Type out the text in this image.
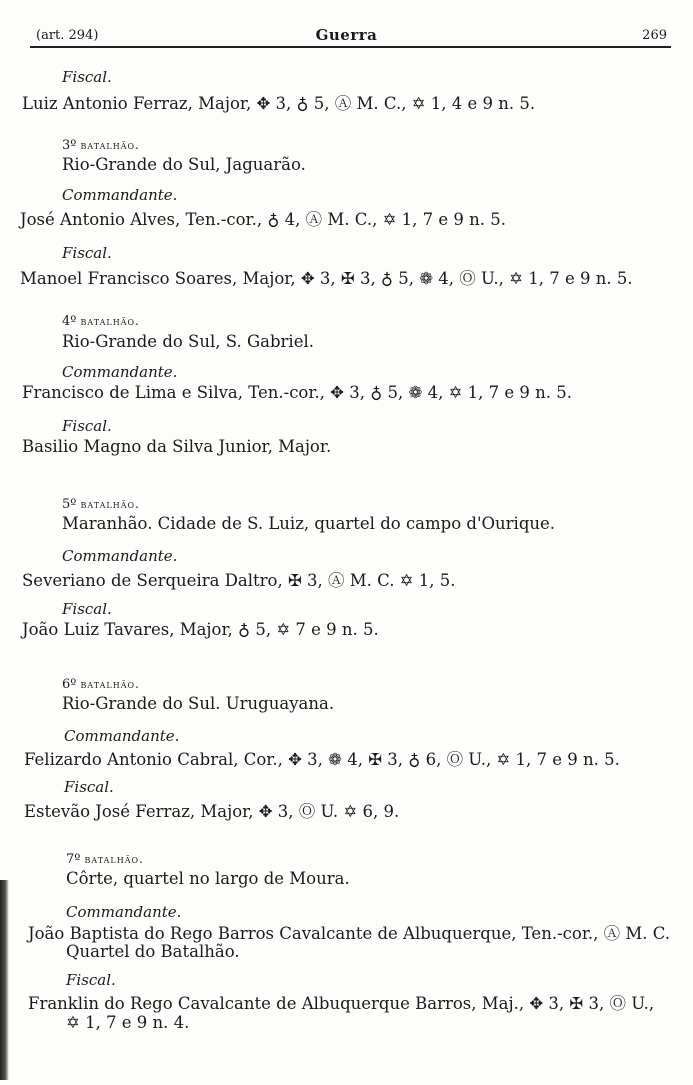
(art. 294)	Guerra	269
Fiscal.
Luiz Antonio Ferraz, Major, ✥ 3, ♁ 5, Ⓐ M. C., ✡ 1, 4 e 9 n. 5.
3º batalhão.
Rio-Grande do Sul, Jaguarão.
Commandante.
José Antonio Alves, Ten.-cor., ♁ 4, Ⓐ M. C., ✡ 1, 7 e 9 n. 5.
Fiscal.
Manoel Francisco Soares, Major, ✥ 3, ✠ 3, ♁ 5, ❁ 4, Ⓞ U., ✡ 1, 7 e 9 n. 5.
4º batalhão.
Rio-Grande do Sul, S. Gabriel.
Commandante.
Francisco de Lima e Silva, Ten.-cor., ✥ 3, ♁ 5, ❁ 4, ✡ 1, 7 e 9 n. 5.
Fiscal.
Basilio Magno da Silva Junior, Major.
5º batalhão.
Maranhão. Cidade de S. Luiz, quartel do campo d'Ourique.
Commandante.
Severiano de Serqueira Daltro, ✠ 3, Ⓐ M. C. ✡ 1, 5.
Fiscal.
João Luiz Tavares, Major, ♁ 5, ✡ 7 e 9 n. 5.
6º batalhão.
Rio-Grande do Sul. Uruguayana.
Commandante.
Felizardo Antonio Cabral, Cor., ✥ 3, ❁ 4, ✠ 3, ♁ 6, Ⓞ U., ✡ 1, 7 e 9 n. 5.
Fiscal.
Estevão José Ferraz, Major, ✥ 3, Ⓞ U. ✡ 6, 9.
7º batalhão.
Côrte, quartel no largo de Moura.
Commandante.
João Baptista do Rego Barros Cavalcante de Albuquerque, Ten.-cor., Ⓐ M. C.
Quartel do Batalhão.
Fiscal.
Franklin do Rego Cavalcante de Albuquerque Barros, Maj., ✥ 3, ✠ 3, Ⓞ U.,
✡ 1, 7 e 9 n. 4.
